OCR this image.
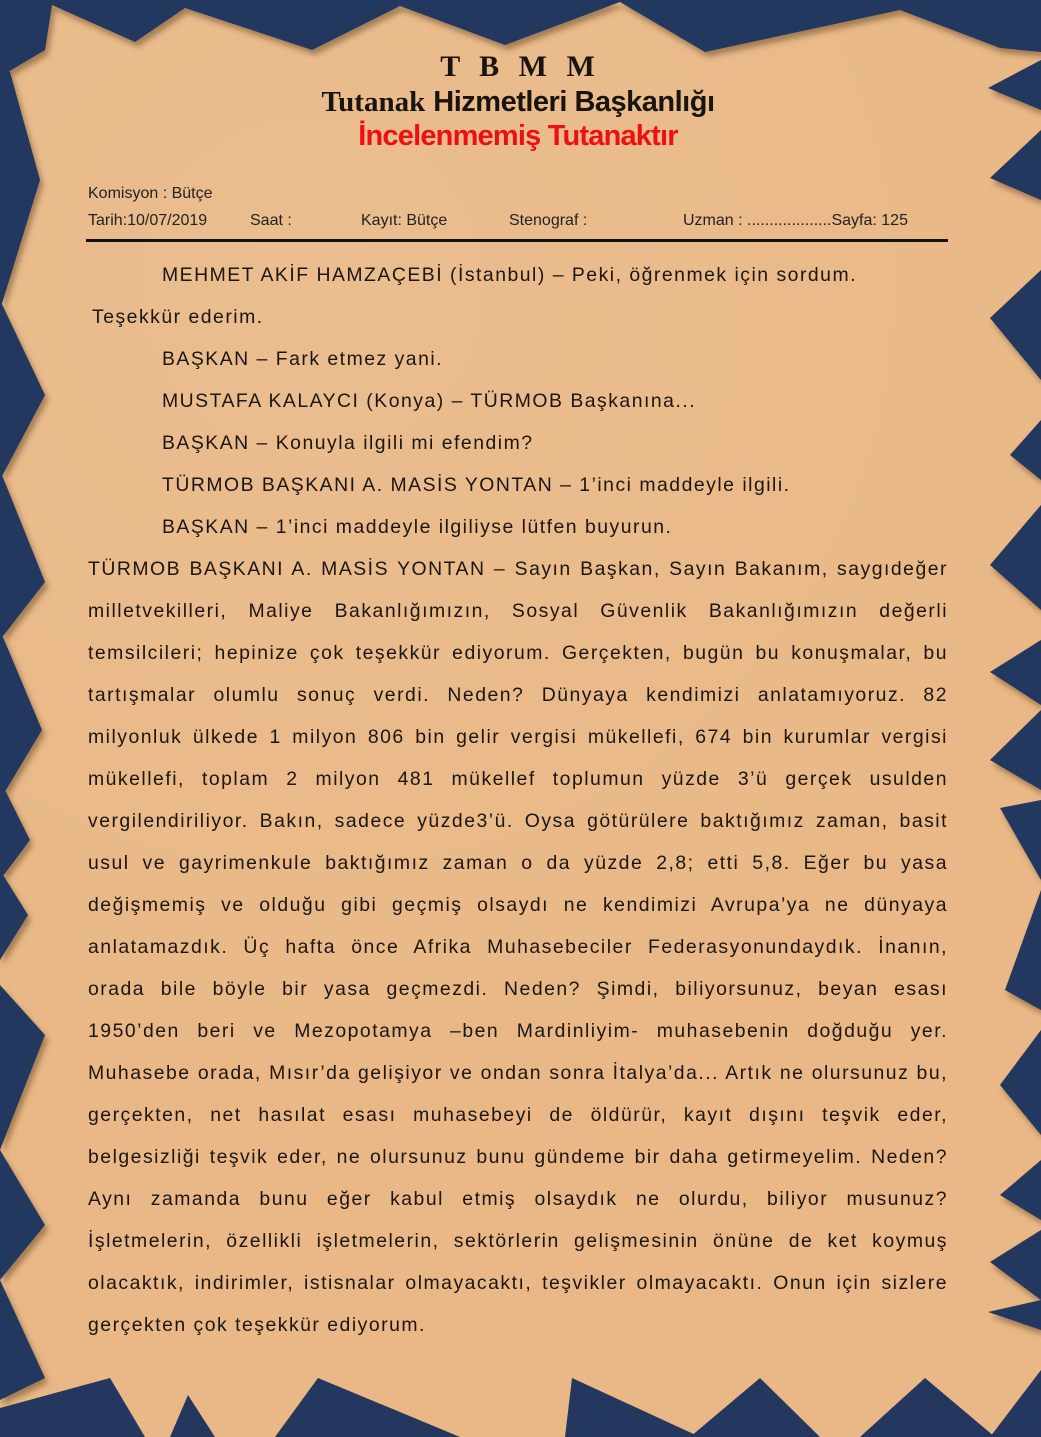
T B M M
Tutanak Hizmetleri Başkanlığı
İncelenmemiş Tutanaktır
Komisyon : Bütçe
Tarih:10/07/2019	Saat :	Kayıt: Bütçe	Stenograf :	Uzman : ...................Sayfa: 125

MEHMET AKİF HAMZAÇEBİ (İstanbul) – Peki, öğrenmek için sordum.

Teşekkür ederim.

BAŞKAN – Fark etmez yani.

MUSTAFA KALAYCI (Konya) – TÜRMOB Başkanına...

BAŞKAN – Konuyla ilgili mi efendim?

TÜRMOB BAŞKANI A. MASİS YONTAN – 1’inci maddeyle ilgili.

BAŞKAN – 1’inci maddeyle ilgiliyse lütfen buyurun.

TÜRMOB BAŞKANI A. MASİS YONTAN – Sayın Başkan, Sayın Bakanım, saygıdeğer milletvekilleri, Maliye Bakanlığımızın, Sosyal Güvenlik Bakanlığımızın değerli temsilcileri; hepinize çok teşekkür ediyorum. Gerçekten, bugün bu konuşmalar, bu tartışmalar olumlu sonuç verdi. Neden? Dünyaya kendimizi anlatamıyoruz. 82 milyonluk ülkede 1 milyon 806 bin gelir vergisi mükellefi, 674 bin kurumlar vergisi mükellefi, toplam 2 milyon 481 mükellef toplumun yüzde 3’ü gerçek usulden vergilendiriliyor. Bakın, sadece yüzde3’ü. Oysa götürülere baktığımız zaman, basit usul ve gayrimenkule baktığımız zaman o da yüzde 2,8; etti 5,8. Eğer bu yasa değişmemiş ve olduğu gibi geçmiş olsaydı ne kendimizi Avrupa’ya ne dünyaya anlatamazdık. Üç hafta önce Afrika Muhasebeciler Federasyonundaydık. İnanın, orada bile böyle bir yasa geçmezdi. Neden? Şimdi, biliyorsunuz, beyan esası 1950’den beri ve Mezopotamya –ben Mardinliyim- muhasebenin doğduğu yer. Muhasebe orada, Mısır’da gelişiyor ve ondan sonra İtalya’da... Artık ne olursunuz bu, gerçekten, net hasılat esası muhasebeyi de öldürür, kayıt dışını teşvik eder, belgesizliği teşvik eder, ne olursunuz bunu gündeme bir daha getirmeyelim. Neden? Aynı zamanda bunu eğer kabul etmiş olsaydık ne olurdu, biliyor musunuz? İşletmelerin, özellikli işletmelerin, sektörlerin gelişmesinin önüne de ket koymuş olacaktık, indirimler, istisnalar olmayacaktı, teşvikler olmayacaktı. Onun için sizlere gerçekten çok teşekkür ediyorum.
